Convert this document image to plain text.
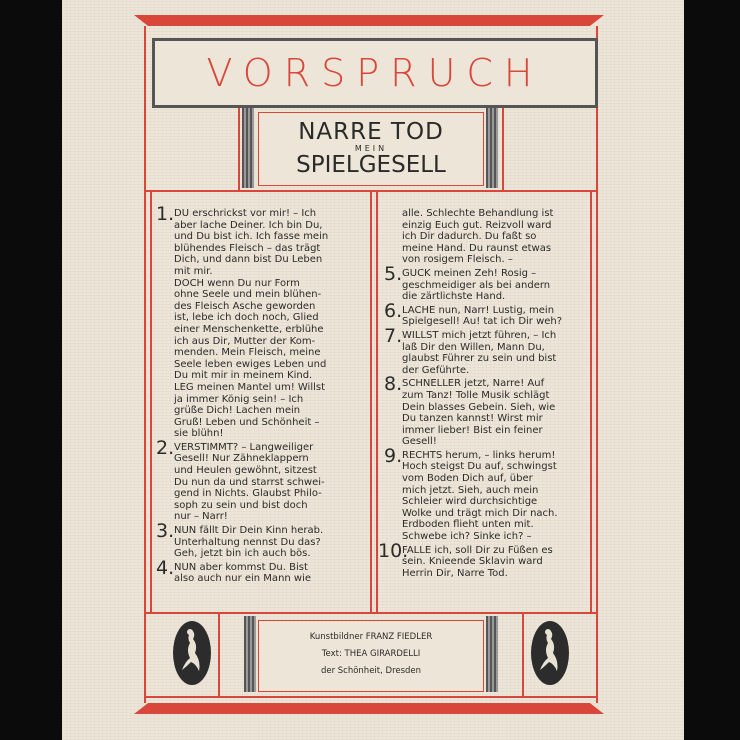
VORSPRUCH
NARRE TOD
MEIN
SPIELGESELL
1. DU erschrickst vor mir! – Ich
aber lache Deiner. Ich bin Du,
und Du bist ich. Ich fasse mein
blühendes Fleisch – das trägt
Dich, und dann bist Du Leben
mit mir.
DOCH wenn Du nur Form
ohne Seele und mein blühen-
des Fleisch Asche geworden
ist, lebe ich doch noch, Glied
einer Menschenkette, erblühe
ich aus Dir, Mutter der Kom-
menden. Mein Fleisch, meine
Seele leben ewiges Leben und
Du mit mir in meinem Kind.
LEG meinen Mantel um! Willst
ja immer König sein! – Ich
grüße Dich! Lachen mein
Gruß! Leben und Schönheit –
sie blühn!
2. VERSTIMMT? – Langweiliger
Gesell! Nur Zähneklappern
und Heulen gewöhnt, sitzest
Du nun da und starrst schwei-
gend in Nichts. Glaubst Philo-
soph zu sein und bist doch
nur – Narr!
3. NUN fällt Dir Dein Kinn herab.
Unterhaltung nennst Du das?
Geh, jetzt bin ich auch bös.
4. NUN aber kommst Du. Bist
also auch nur ein Mann wie
alle. Schlechte Behandlung ist
einzig Euch gut. Reizvoll ward
ich Dir dadurch. Du faßt so
meine Hand. Du raunst etwas
von rosigem Fleisch. –
5. GUCK meinen Zeh! Rosig –
geschmeidiger als bei andern
die zärtlichste Hand.
6. LACHE nun, Narr! Lustig, mein
Spielgesell! Au! tat ich Dir weh?
7. WILLST mich jetzt führen, – Ich
laß Dir den Willen, Mann Du,
glaubst Führer zu sein und bist
der Geführte.
8. SCHNELLER jetzt, Narre! Auf
zum Tanz! Tolle Musik schlägt
Dein blasses Gebein. Sieh, wie
Du tanzen kannst! Wirst mir
immer lieber! Bist ein feiner
Gesell!
9. RECHTS herum, – links herum!
Hoch steigst Du auf, schwingst
vom Boden Dich auf, über
mich jetzt. Sieh, auch mein
Schleier wird durchsichtige
Wolke und trägt mich Dir nach.
Erdboden flieht unten mit.
Schwebe ich? Sinke ich? –
10.
FALLE ich, soll Dir zu Füßen es
sein. Knieende Sklavin ward
Herrin Dir, Narre Tod.
Kunstbildner FRANZ FIEDLER
Text: THEA GIRARDELLI
der Schönheit, Dresden
